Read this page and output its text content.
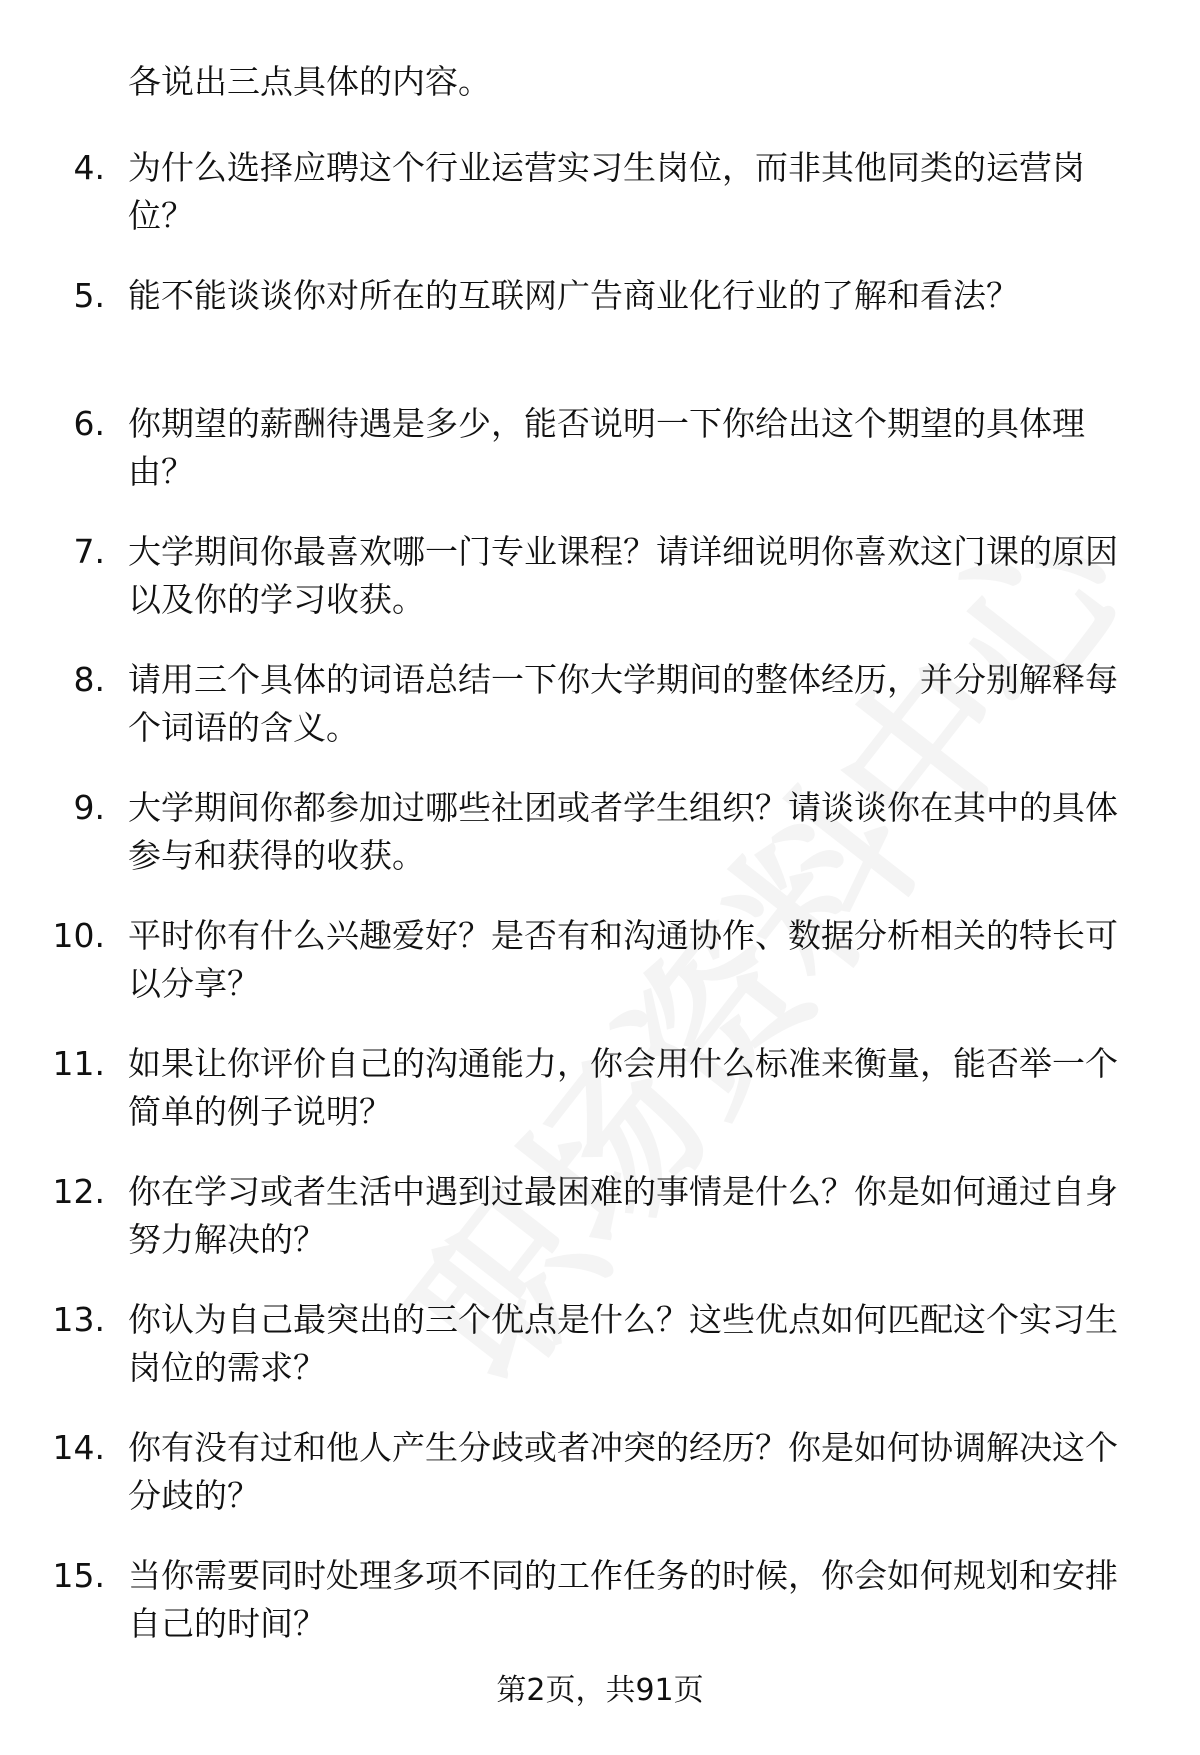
各说出三点具体的内容。

4. 为什么选择应聘这个行业运营实习生岗位，而非其他同类的运营岗位？
5. 能不能谈谈你对所在的互联网广告商业化行业的了解和看法？
6. 你期望的薪酬待遇是多少，能否说明一下你给出这个期望的具体理由？
7. 大学期间你最喜欢哪一门专业课程？请详细说明你喜欢这门课的原因以及你的学习收获。
8. 请用三个具体的词语总结一下你大学期间的整体经历，并分别解释每个词语的含义。
9. 大学期间你都参加过哪些社团或者学生组织？请谈谈你在其中的具体参与和获得的收获。
10. 平时你有什么兴趣爱好？是否有和沟通协作、数据分析相关的特长可以分享？
11. 如果让你评价自己的沟通能力，你会用什么标准来衡量，能否举一个简单的例子说明？
12. 你在学习或者生活中遇到过最困难的事情是什么？你是如何通过自身努力解决的？
13. 你认为自己最突出的三个优点是什么？这些优点如何匹配这个实习生岗位的需求？
14. 你有没有过和他人产生分歧或者冲突的经历？你是如何协调解决这个分歧的？
15. 当你需要同时处理多项不同的工作任务的时候，你会如何规划和安排自己的时间？
第2页，共91页
